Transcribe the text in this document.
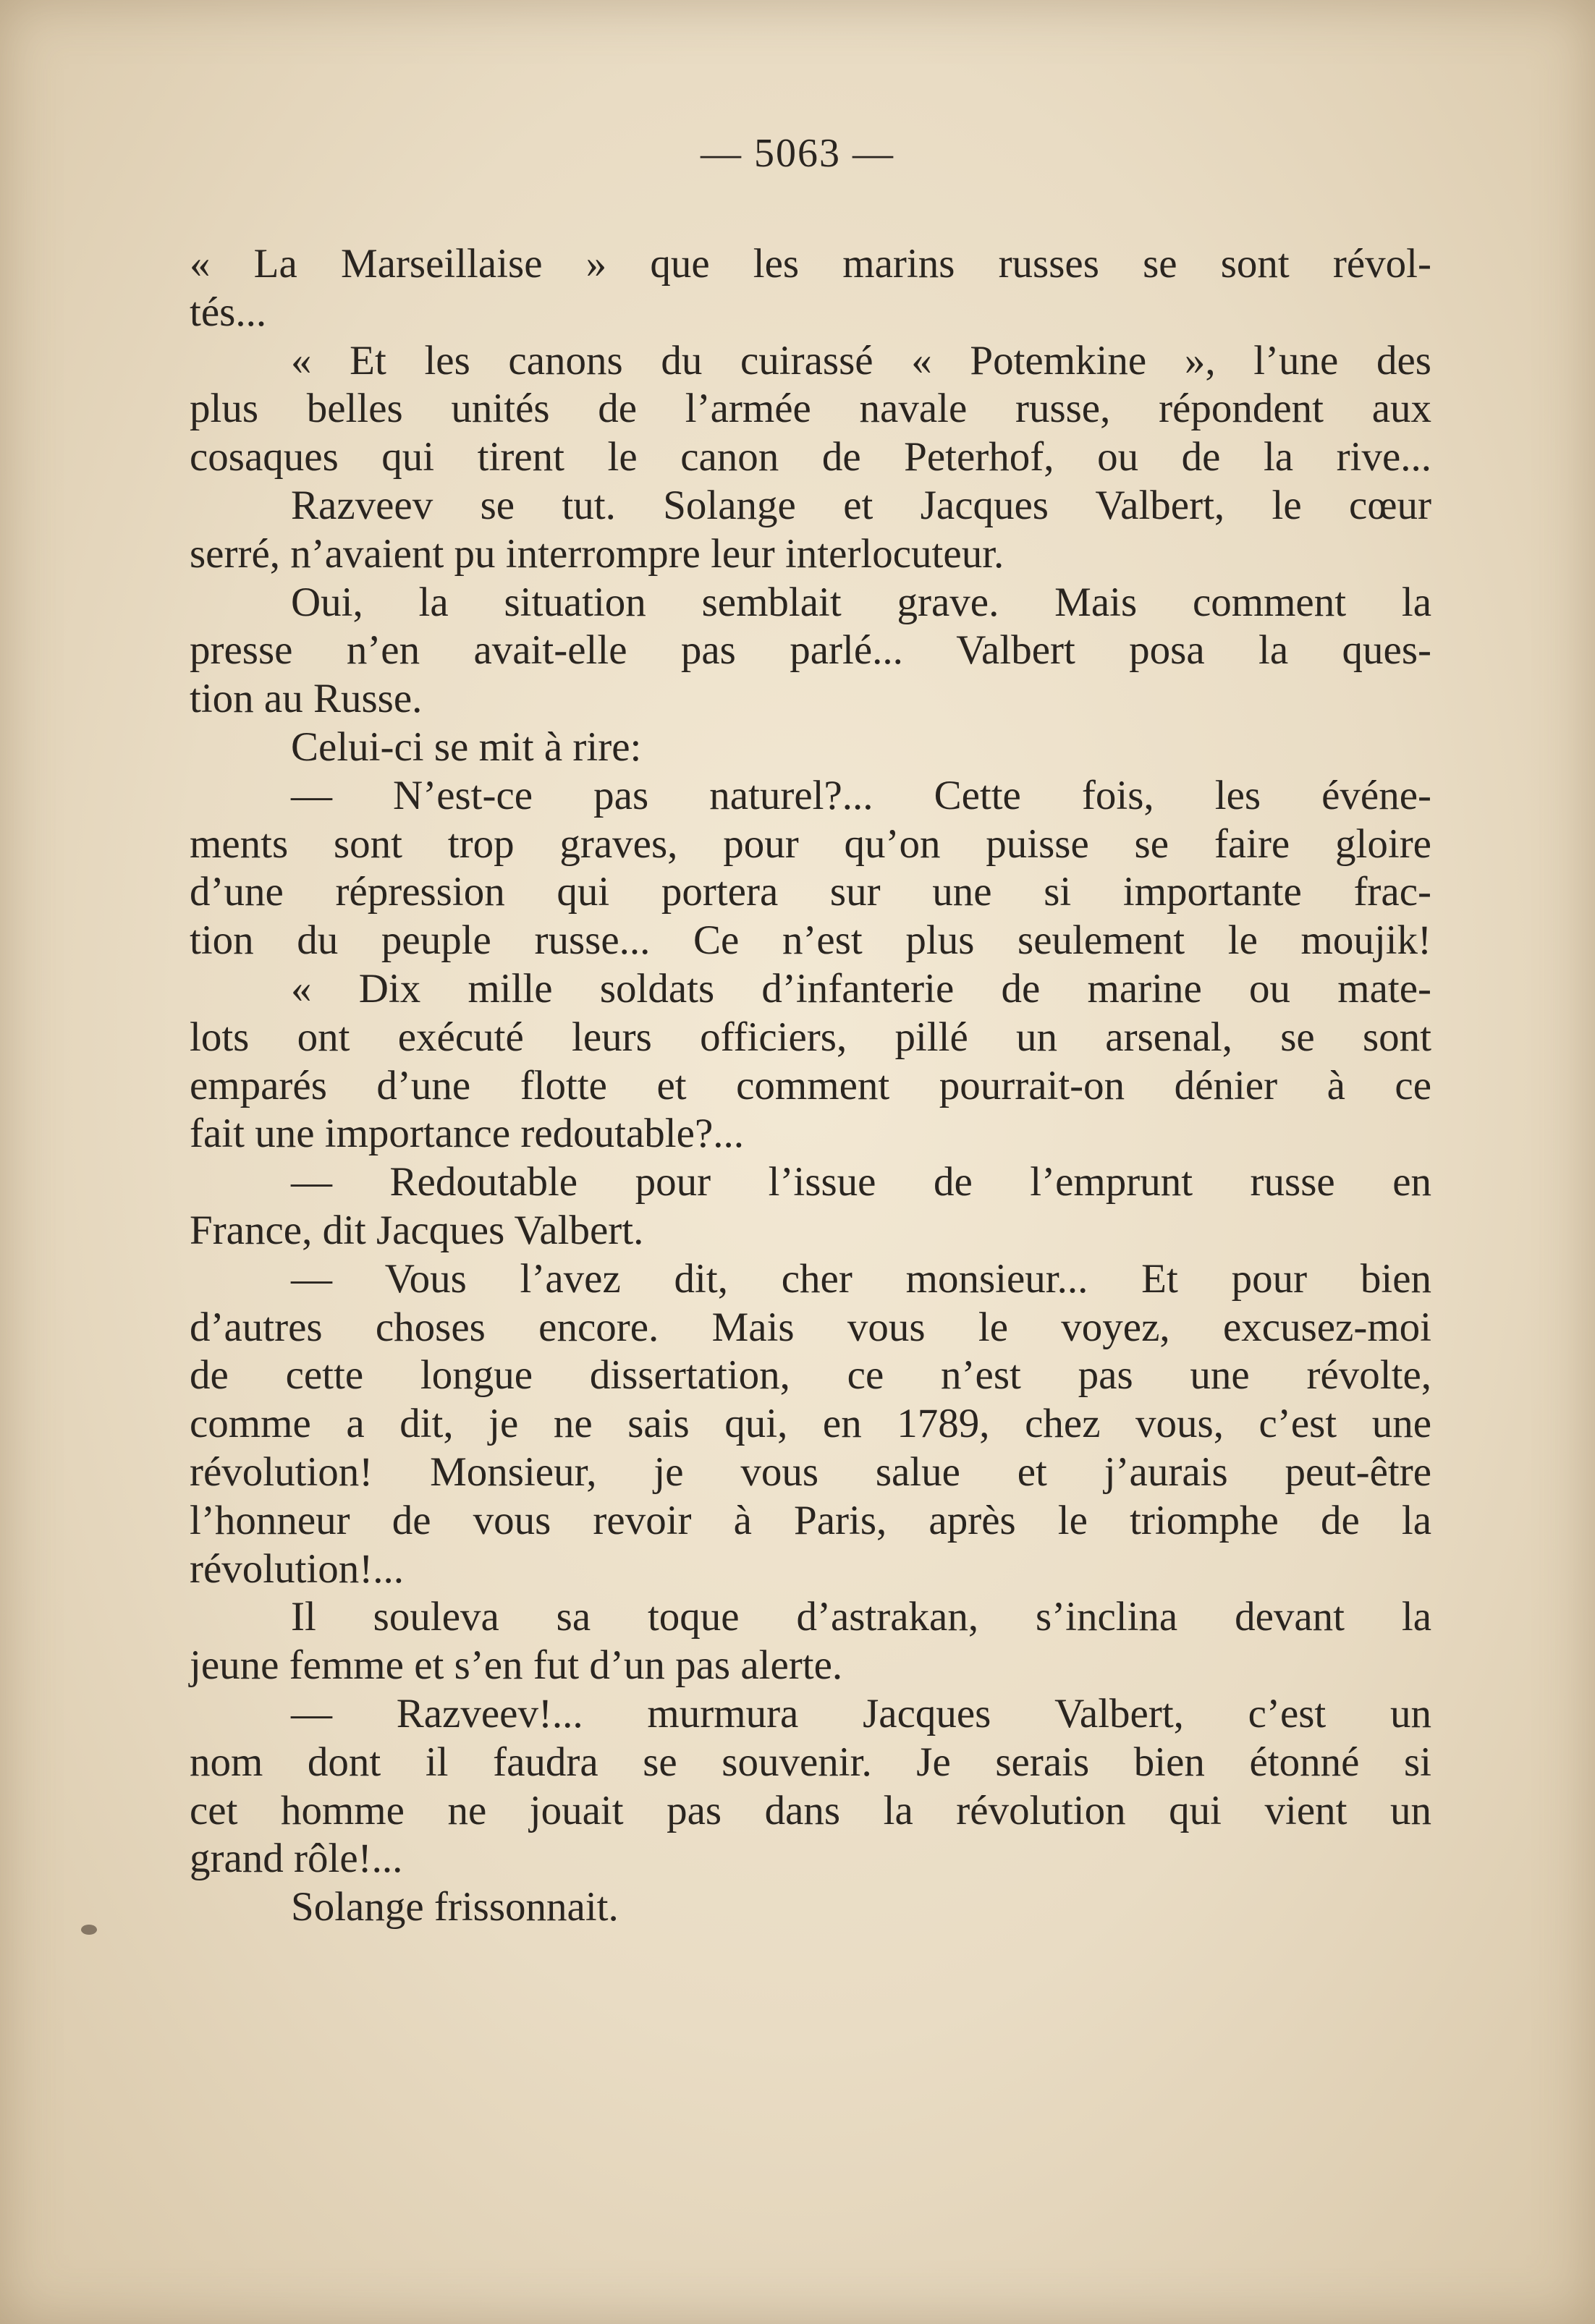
— 5063 —
« La Marseillaise » que les marins russes se sont révol-
tés...
« Et les canons du cuirassé « Potemkine », l’une des
plus belles unités de l’armée navale russe, répondent aux
cosaques qui tirent le canon de Peterhof, ou de la rive...
Razveev se tut. Solange et Jacques Valbert, le cœur
serré, n’avaient pu interrompre leur interlocuteur.
Oui, la situation semblait grave. Mais comment la
presse n’en avait-elle pas parlé... Valbert posa la ques-
tion au Russe.
Celui-ci se mit à rire:
— N’est-ce pas naturel?... Cette fois, les événe-
ments sont trop graves, pour qu’on puisse se faire gloire
d’une répression qui portera sur une si importante frac-
tion du peuple russe... Ce n’est plus seulement le moujik!
« Dix mille soldats d’infanterie de marine ou mate-
lots ont exécuté leurs officiers, pillé un arsenal, se sont
emparés d’une flotte et comment pourrait-on dénier à ce
fait une importance redoutable?...
— Redoutable pour l’issue de l’emprunt russe en
France, dit Jacques Valbert.
— Vous l’avez dit, cher monsieur... Et pour bien
d’autres choses encore. Mais vous le voyez, excusez-moi
de cette longue dissertation, ce n’est pas une révolte,
comme a dit, je ne sais qui, en 1789, chez vous, c’est une
révolution! Monsieur, je vous salue et j’aurais peut-être
l’honneur de vous revoir à Paris, après le triomphe de la
révolution!...
Il souleva sa toque d’astrakan, s’inclina devant la
jeune femme et s’en fut d’un pas alerte.
— Razveev!... murmura Jacques Valbert, c’est un
nom dont il faudra se souvenir. Je serais bien étonné si
cet homme ne jouait pas dans la révolution qui vient un
grand rôle!...
Solange frissonnait.
